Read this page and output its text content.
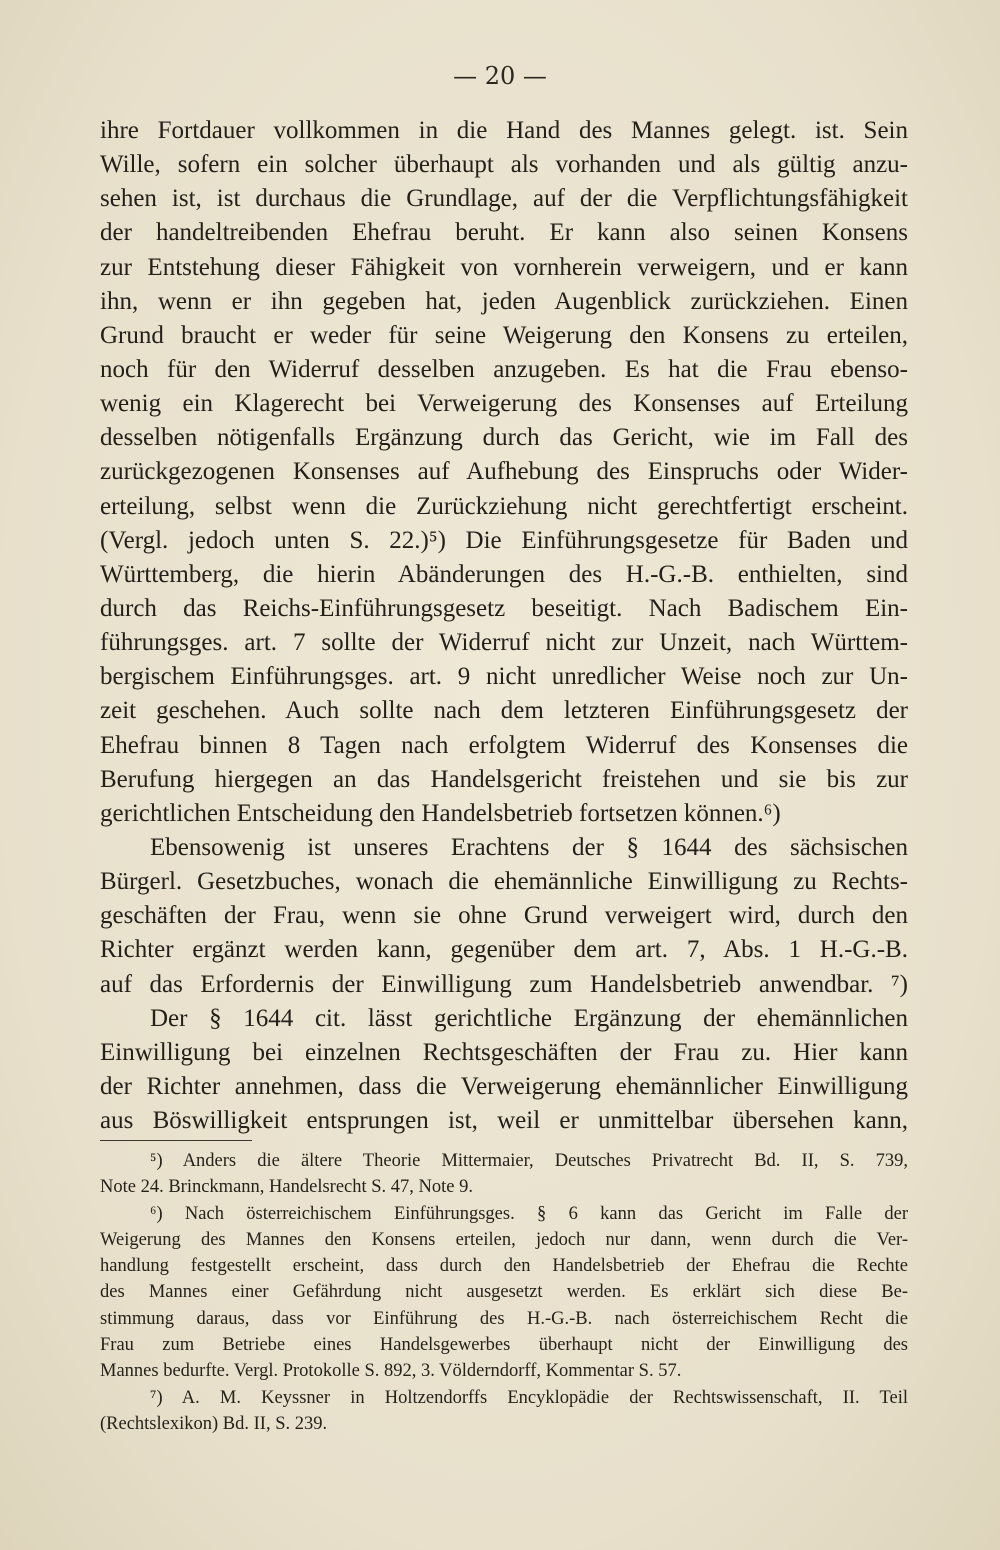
— 20 —
ihre Fortdauer vollkommen in die Hand des Mannes gelegt. ist. Sein
Wille, sofern ein solcher überhaupt als vorhanden und als gültig anzu-
sehen ist, ist durchaus die Grundlage, auf der die Verpflichtungsfähigkeit
der handeltreibenden Ehefrau beruht. Er kann also seinen Konsens
zur Entstehung dieser Fähigkeit von vornherein verweigern, und er kann
ihn, wenn er ihn gegeben hat, jeden Augenblick zurückziehen. Einen
Grund braucht er weder für seine Weigerung den Konsens zu erteilen,
noch für den Widerruf desselben anzugeben. Es hat die Frau ebenso-
wenig ein Klagerecht bei Verweigerung des Konsenses auf Erteilung
desselben nötigenfalls Ergänzung durch das Gericht, wie im Fall des
zurückgezogenen Konsenses auf Aufhebung des Einspruchs oder Wider-
erteilung, selbst wenn die Zurückziehung nicht gerechtfertigt erscheint.
(Vergl. jedoch unten S. 22.)⁵) Die Einführungsgesetze für Baden und
Württemberg, die hierin Abänderungen des H.-G.-B. enthielten, sind
durch das Reichs-Einführungsgesetz beseitigt. Nach Badischem Ein-
führungsges. art. 7 sollte der Widerruf nicht zur Unzeit, nach Württem-
bergischem Einführungsges. art. 9 nicht unredlicher Weise noch zur Un-
zeit geschehen. Auch sollte nach dem letzteren Einführungsgesetz der
Ehefrau binnen 8 Tagen nach erfolgtem Widerruf des Konsenses die
Berufung hiergegen an das Handelsgericht freistehen und sie bis zur
gerichtlichen Entscheidung den Handelsbetrieb fortsetzen können.⁶)
Ebensowenig ist unseres Erachtens der § 1644 des sächsischen
Bürgerl. Gesetzbuches, wonach die ehemännliche Einwilligung zu Rechts-
geschäften der Frau, wenn sie ohne Grund verweigert wird, durch den
Richter ergänzt werden kann, gegenüber dem art. 7, Abs. 1 H.-G.-B.
auf das Erfordernis der Einwilligung zum Handelsbetrieb anwendbar. ⁷)
Der § 1644 cit. lässt gerichtliche Ergänzung der ehemännlichen
Einwilligung bei einzelnen Rechtsgeschäften der Frau zu. Hier kann
der Richter annehmen, dass die Verweigerung ehemännlicher Einwilligung
aus Böswilligkeit entsprungen ist, weil er unmittelbar übersehen kann,
⁵) Anders die ältere Theorie Mittermaier, Deutsches Privatrecht Bd. II, S. 739,
Note 24. Brinckmann, Handelsrecht S. 47, Note 9.
⁶) Nach österreichischem Einführungsges. § 6 kann das Gericht im Falle der
Weigerung des Mannes den Konsens erteilen, jedoch nur dann, wenn durch die Ver-
handlung festgestellt erscheint, dass durch den Handelsbetrieb der Ehefrau die Rechte
des Mannes einer Gefährdung nicht ausgesetzt werden. Es erklärt sich diese Be-
stimmung daraus, dass vor Einführung des H.-G.-B. nach österreichischem Recht die
Frau zum Betriebe eines Handelsgewerbes überhaupt nicht der Einwilligung des
Mannes bedurfte. Vergl. Protokolle S. 892, 3. Völderndorff, Kommentar S. 57.
⁷) A. M. Keyssner in Holtzendorffs Encyklopädie der Rechtswissenschaft, II. Teil
(Rechtslexikon) Bd. II, S. 239.
